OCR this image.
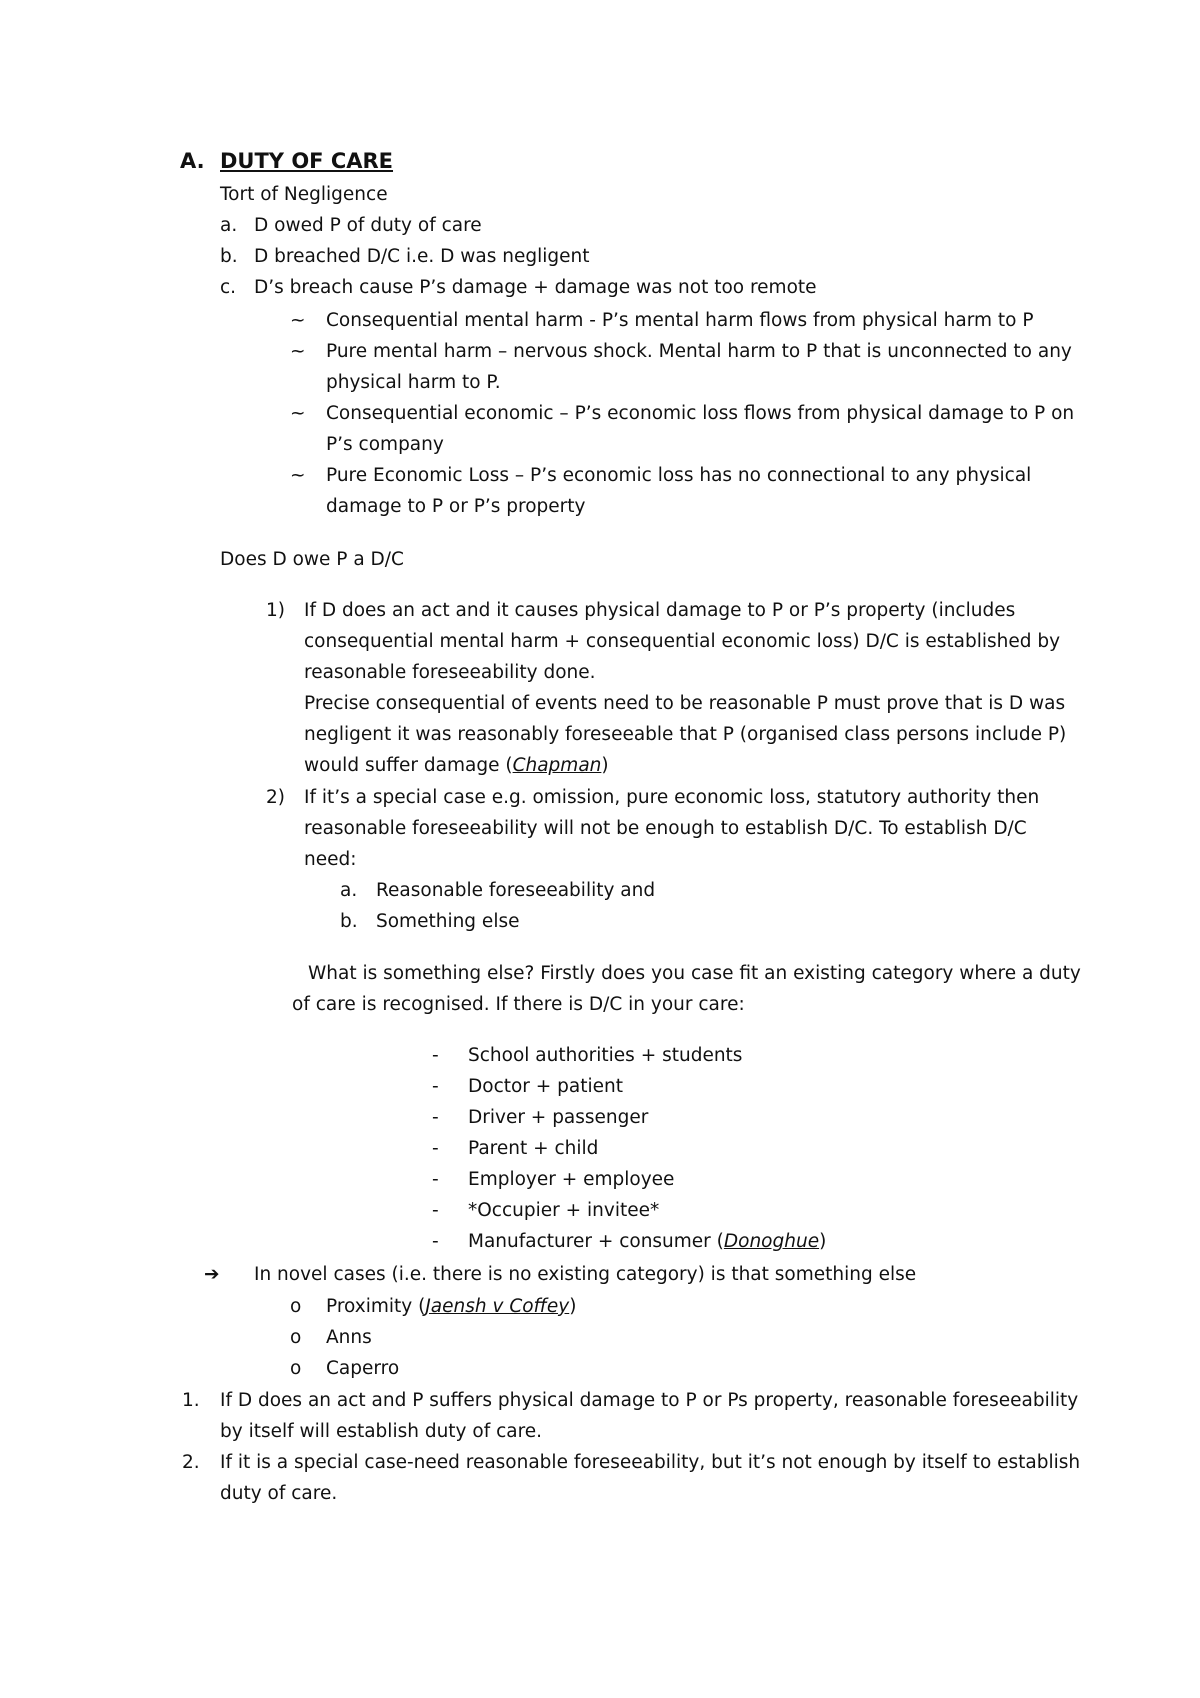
A. DUTY OF CARE
Tort of Negligence
a. D owed P of duty of care
b. D breached D/C i.e. D was negligent
c. D’s breach cause P’s damage + damage was not too remote
~ Consequential mental harm - P’s mental harm flows from physical harm to P
~ Pure mental harm – nervous shock. Mental harm to P that is unconnected to any
physical harm to P.
~ Consequential economic – P’s economic loss flows from physical damage to P on
P’s company
~ Pure Economic Loss – P’s economic loss has no connectional to any physical
damage to P or P’s property
Does D owe P a D/C
1) If D does an act and it causes physical damage to P or P’s property (includes
consequential mental harm + consequential economic loss) D/C is established by
reasonable foreseeability done.
Precise consequential of events need to be reasonable P must prove that is D was
negligent it was reasonably foreseeable that P (organised class persons include P)
would suffer damage (Chapman)
2) If it’s a special case e.g. omission, pure economic loss, statutory authority then
reasonable foreseeability will not be enough to establish D/C. To establish D/C
need:
a. Reasonable foreseeability and
b. Something else
What is something else? Firstly does you case fit an existing category where a duty
of care is recognised. If there is D/C in your care:
- School authorities + students
- Doctor + patient
- Driver + passenger
- Parent + child
- Employer + employee
- *Occupier + invitee*
- Manufacturer + consumer (Donoghue)
➔ In novel cases (i.e. there is no existing category) is that something else
o Proximity (Jaensh v Coffey)
o Anns
o Caperro
1. If D does an act and P suffers physical damage to P or Ps property, reasonable foreseeability
by itself will establish duty of care.
2. If it is a special case-need reasonable foreseeability, but it’s not enough by itself to establish
duty of care.
